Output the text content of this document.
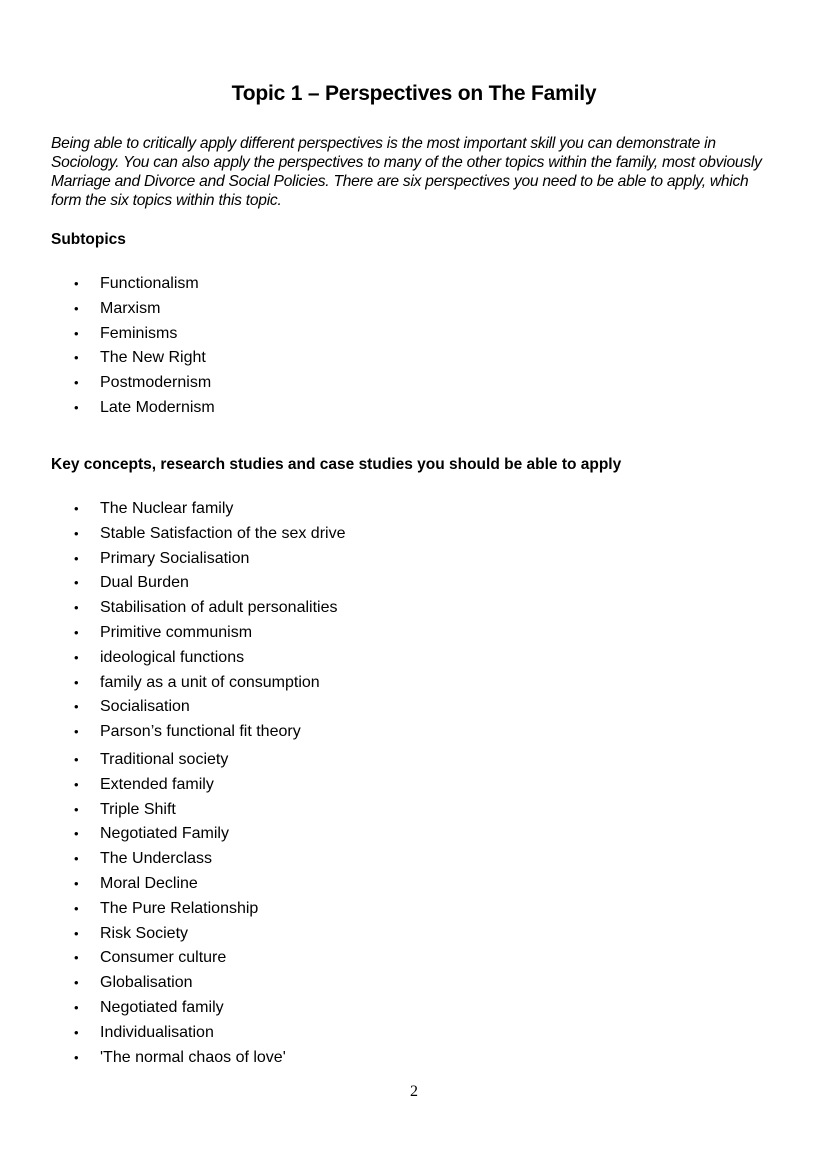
Topic 1 – Perspectives on The Family
Being able to critically apply different perspectives is the most important skill you can demonstrate in Sociology. You can also apply the perspectives to many of the other topics within the family, most obviously Marriage and Divorce and Social Policies. There are six perspectives you need to be able to apply, which form the six topics within this topic.
Subtopics
• Functionalism
• Marxism
• Feminisms
• The New Right
• Postmodernism
• Late Modernism
Key concepts, research studies and case studies you should be able to apply
• The Nuclear family
• Stable Satisfaction of the sex drive
• Primary Socialisation
• Dual Burden
• Stabilisation of adult personalities
• Primitive communism
• ideological functions
• family as a unit of consumption
• Socialisation
• Parson’s functional fit theory
• Traditional society
• Extended family
• Triple Shift
• Negotiated Family
• The Underclass
• Moral Decline
• The Pure Relationship
• Risk Society
• Consumer culture
• Globalisation
• Negotiated family
• Individualisation
• 'The normal chaos of love'
2
